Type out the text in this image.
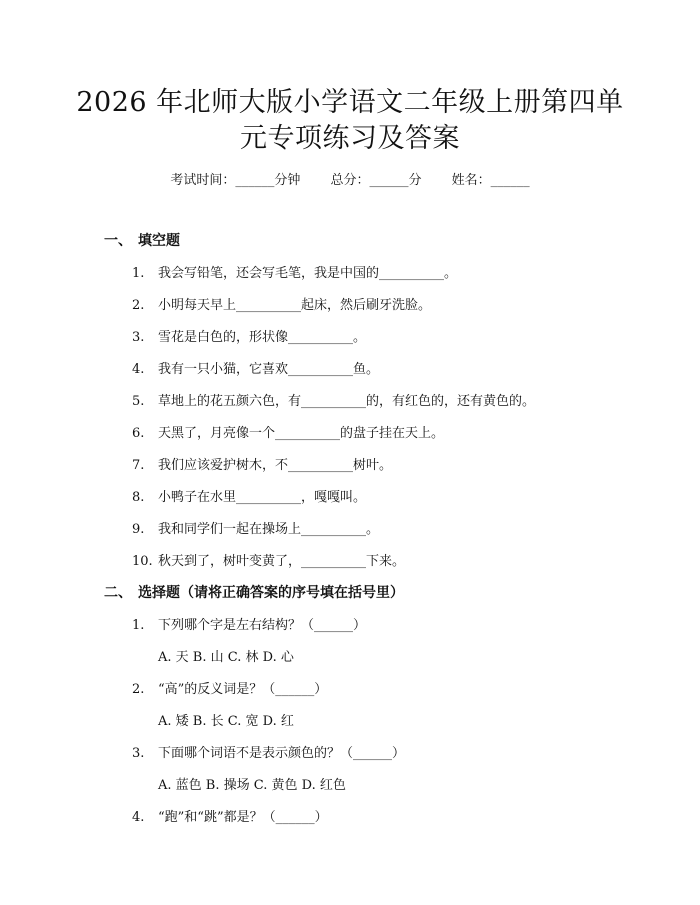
2026 年北师大版小学语文二年级上册第四单
元专项练习及答案
考试时间：______分钟 总分：______分 姓名：______
一、 填空题
1. 我会写铅笔，还会写毛笔，我是中国的__________。
2. 小明每天早上__________起床，然后刷牙洗脸。
3. 雪花是白色的，形状像__________。
4. 我有一只小猫，它喜欢__________鱼。
5. 草地上的花五颜六色，有__________的，有红色的，还有黄色的。
6. 天黑了，月亮像一个__________的盘子挂在天上。
7. 我们应该爱护树木，不__________树叶。
8. 小鸭子在水里__________，嘎嘎叫。
9. 我和同学们一起在操场上__________。
10. 秋天到了，树叶变黄了，__________下来。
二、 选择题（请将正确答案的序号填在括号里）
1. 下列哪个字是左右结构？（______）
A. 天 B. 山 C. 林 D. 心
2. “高”的反义词是？（______）
A. 矮 B. 长 C. 宽 D. 红
3. 下面哪个词语不是表示颜色的？（______）
A. 蓝色 B. 操场 C. 黄色 D. 红色
4. “跑”和“跳”都是？（______）
